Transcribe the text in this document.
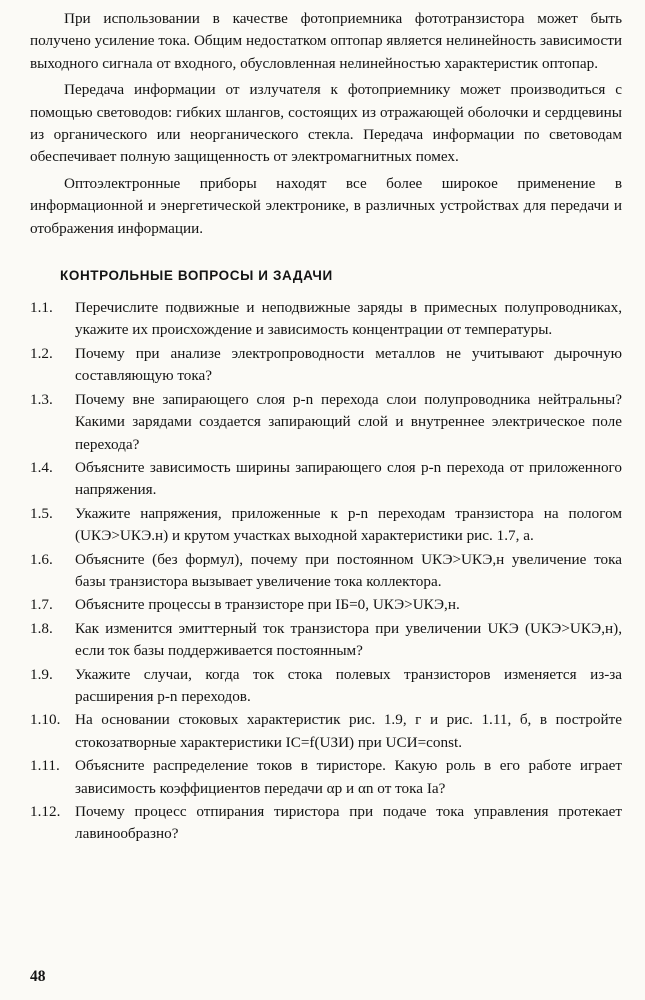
При использовании в качестве фотоприемника фототранзистора может быть получено усиление тока. Общим недостатком оптопар является нелинейность зависимости выходного сигнала от входного, обусловленная нелинейностью характеристик оптопар.

Передача информации от излучателя к фотоприемнику может производиться с помощью световодов: гибких шлангов, состоящих из отражающей оболочки и сердцевины из органического или неорганического стекла. Передача информации по световодам обеспечивает полную защищенность от электромагнитных помех.

Оптоэлектронные приборы находят все более широкое применение в информационной и энергетической электронике, в различных устройствах для передачи и отображения информации.

КОНТРОЛЬНЫЕ ВОПРОСЫ И ЗАДАЧИ
1.1.	Перечислите подвижные и неподвижные заряды в примесных полупроводниках, укажите их происхождение и зависимость концентрации от температуры.
1.2.	Почему при анализе электропроводности металлов не учитывают дырочную составляющую тока?
1.3.	Почему вне запирающего слоя p-n перехода слои полупроводника нейтральны? Какими зарядами создается запирающий слой и внутреннее электрическое поле перехода?
1.4.	Объясните зависимость ширины запирающего слоя p-n перехода от приложенного напряжения.
1.5.	Укажите напряжения, приложенные к p-n переходам транзистора на пологом (UКЭ>UКЭ.н) и крутом участках выходной характеристики рис. 1.7, а.
1.6.	Объясните (без формул), почему при постоянном UКЭ>UКЭ,н увеличение тока базы транзистора вызывает увеличение тока коллектора.
1.7.	Объясните процессы в транзисторе при IБ=0, UКЭ>UКЭ,н.
1.8.	Как изменится эмиттерный ток транзистора при увеличении UКЭ (UКЭ>UКЭ,н), если ток базы поддерживается постоянным?
1.9.	Укажите случаи, когда ток стока полевых транзисторов изменяется из-за расширения p-n переходов.
1.10. На основании стоковых характеристик рис. 1.9, г и рис. 1.11, б, в постройте стокозатворные характеристики IС=f(UЗИ) при UСИ=const.
1.11. Объясните распределение токов в тиристоре. Какую роль в его работе играет зависимость коэффициентов передачи αp и αn от тока Iа?
1.12. Почему процесс отпирания тиристора при подаче тока управления протекает лавинообразно?
48
